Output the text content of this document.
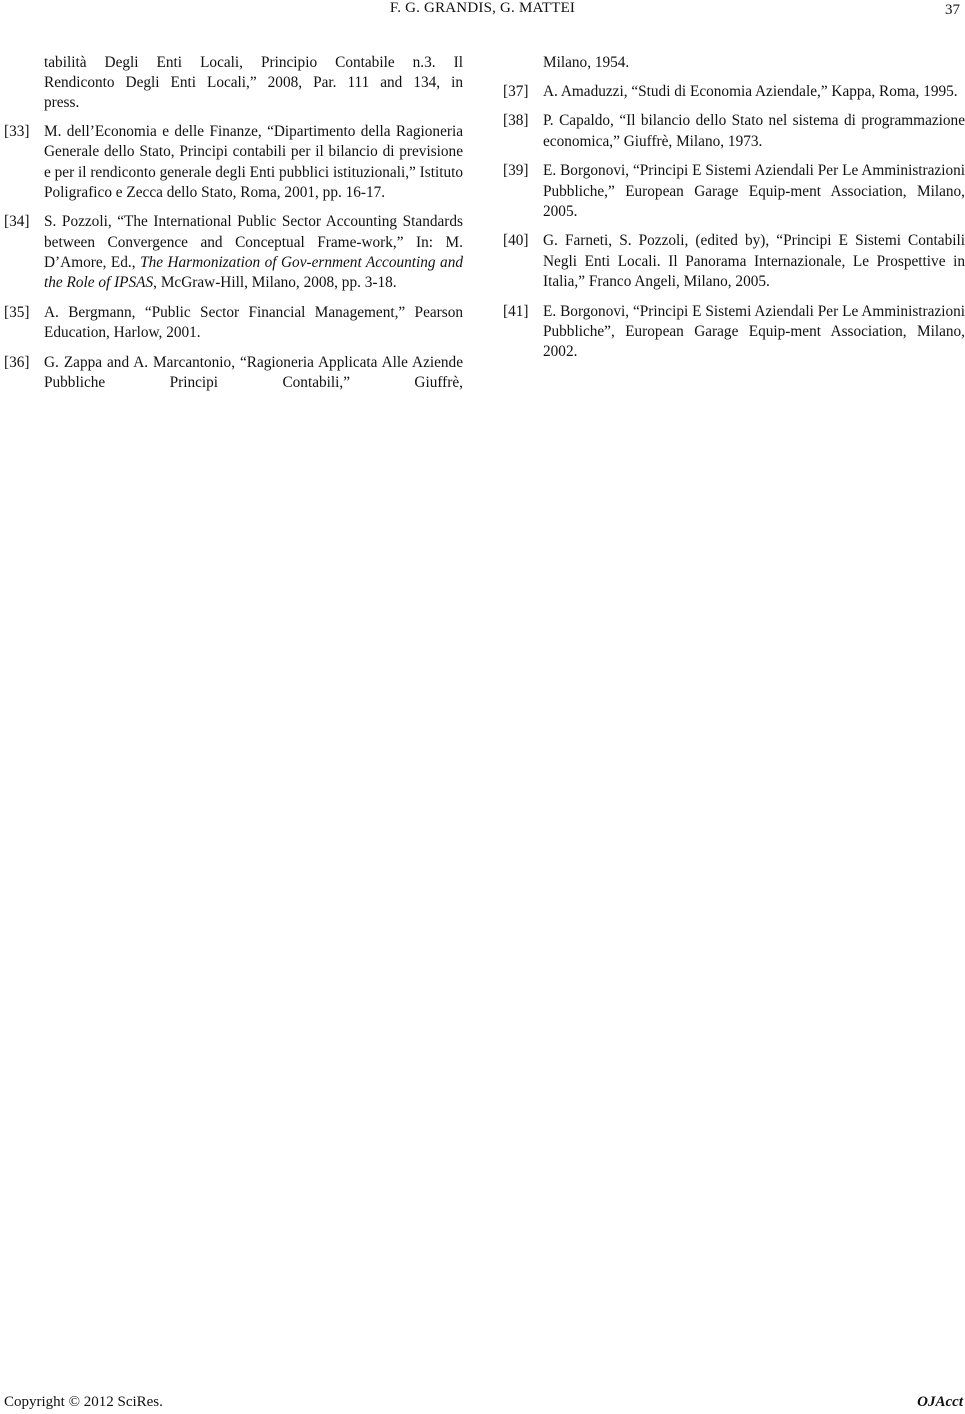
F. G. GRANDIS, G. MATTEI	37
tabilità Degli Enti Locali, Principio Contabile n.3. Il
Rendiconto Degli Enti Locali,” 2008, Par. 111 and 134, in
press.
[33] M. dell’Economia e delle Finanze, “Dipartimento della Ragioneria Generale dello Stato, Principi contabili per il bilancio di previsione e per il rendiconto generale degli Enti pubblici istituzionali,” Istituto Poligrafico e Zecca dello Stato, Roma, 2001, pp. 16-17.
[34] S. Pozzoli, “The International Public Sector Accounting Standards between Convergence and Conceptual Frame-work,” In: M. D’Amore, Ed., The Harmonization of Gov-ernment Accounting and the Role of IPSAS, McGraw-Hill, Milano, 2008, pp. 3-18.
[35] A. Bergmann, “Public Sector Financial Management,” Pearson Education, Harlow, 2001.
[36] G. Zappa and A. Marcantonio, “Ragioneria Applicata Alle Aziende Pubbliche Principi Contabili,” Giuffrè,
Milano, 1954.
[37] A. Amaduzzi, “Studi di Economia Aziendale,” Kappa, Roma, 1995.
[38] P. Capaldo, “Il bilancio dello Stato nel sistema di programmazione economica,” Giuffrè, Milano, 1973.
[39] E. Borgonovi, “Principi E Sistemi Aziendali Per Le Amministrazioni Pubbliche,” European Garage Equip-ment Association, Milano, 2005.
[40] G. Farneti, S. Pozzoli, (edited by), “Principi E Sistemi Contabili Negli Enti Locali. Il Panorama Internazionale, Le Prospettive in Italia,” Franco Angeli, Milano, 2005.
[41] E. Borgonovi, “Principi E Sistemi Aziendali Per Le Amministrazioni Pubbliche”, European Garage Equip-ment Association, Milano, 2002.
Copyright © 2012 SciRes.	OJAcct
